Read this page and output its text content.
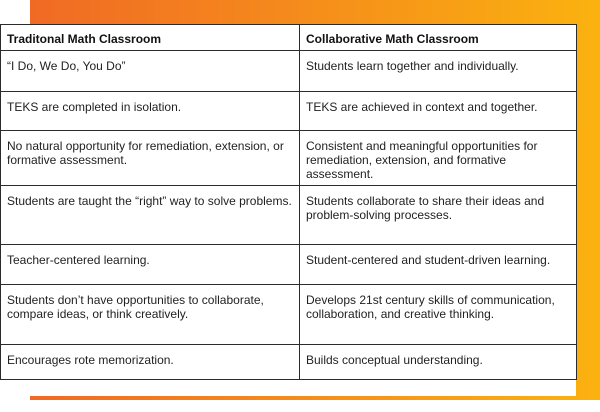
Traditonal Math Classroom	Collaborative Math Classroom
“I Do, We Do, You Do”	Students learn together and individually.
TEKS are completed in isolation.	TEKS are achieved in context and together.
No natural opportunity for remediation, extension, or formative assessment.	Consistent and meaningful opportunities for remediation, extension, and formative assessment.
Students are taught the “right” way to solve problems.	Students collaborate to share their ideas and problem-solving processes.
Teacher-centered learning.	Student-centered and student-driven learning.
Students don’t have opportunities to collaborate, compare ideas, or think creatively.	Develops 21st century skills of communication, collaboration, and creative thinking.
Encourages rote memorization.	Builds conceptual understanding.
